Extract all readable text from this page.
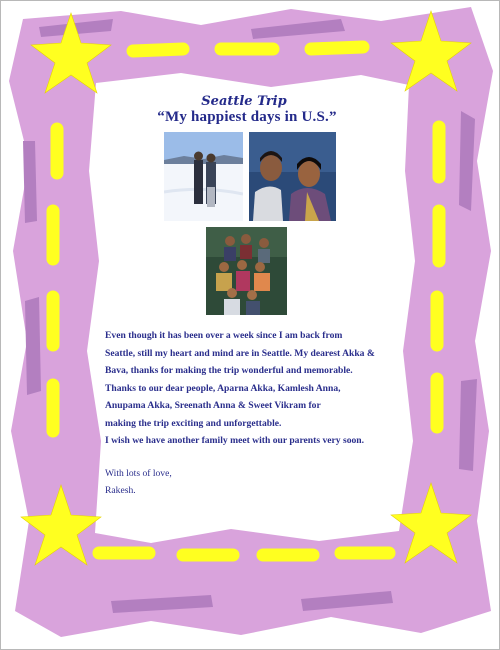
Seattle Trip
“My happiest days in U.S.”
Even though it has been over a week since I am back from
Seattle, still my heart and mind are in Seattle. My dearest Akka &
Bava, thanks for making the trip wonderful and memorable.
Thanks to our dear people, Aparna Akka, Kamlesh Anna,
Anupama Akka, Sreenath Anna & Sweet Vikram for
making the trip exciting and unforgettable.
I wish we have another family meet with our parents very soon.
With lots of love,
Rakesh.
